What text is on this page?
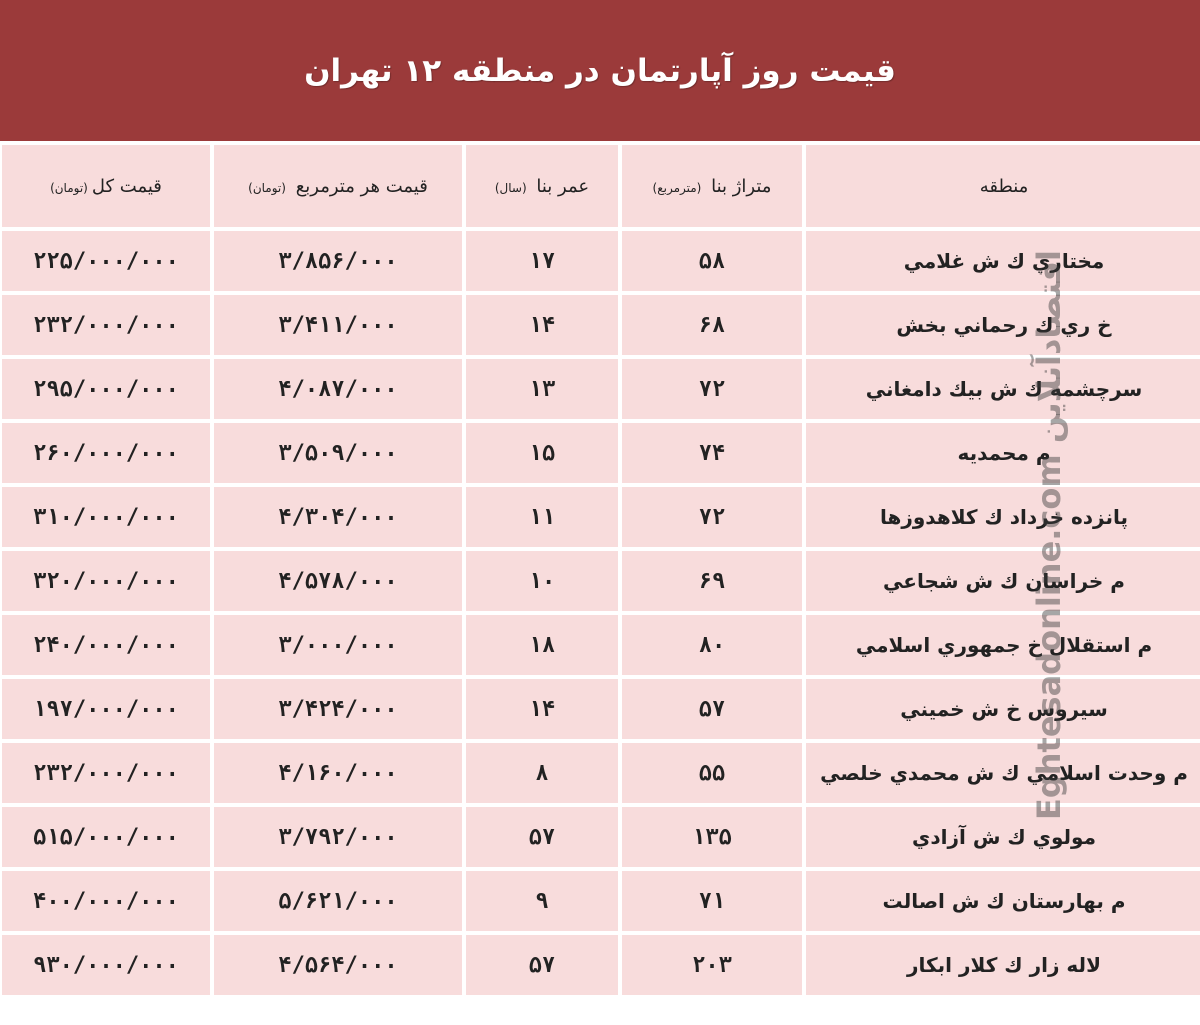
قیمت روز آپارتمان در منطقه ۱۲ تهران
قیمت کل(تومان)	قیمت هر مترمربع (تومان)	عمر بنا (سال)	متراژ بنا (مترمربع)	منطقه
۲۲۵/۰۰۰/۰۰۰	۳/۸۵۶/۰۰۰	۱۷	۵۸	مختاري ك ش غلامي
۲۳۲/۰۰۰/۰۰۰	۳/۴۱۱/۰۰۰	۱۴	۶۸	خ ري ك رحماني بخش
۲۹۵/۰۰۰/۰۰۰	۴/۰۸۷/۰۰۰	۱۳	۷۲	سرچشمه ك ش بيك دامغاني
۲۶۰/۰۰۰/۰۰۰	۳/۵۰۹/۰۰۰	۱۵	۷۴	م محمديه
۳۱۰/۰۰۰/۰۰۰	۴/۳۰۴/۰۰۰	۱۱	۷۲	پانزده خرداد ك كلاهدوزها
۳۲۰/۰۰۰/۰۰۰	۴/۵۷۸/۰۰۰	۱۰	۶۹	م خراسان ك ش شجاعي
۲۴۰/۰۰۰/۰۰۰	۳/۰۰۰/۰۰۰	۱۸	۸۰	م استقلال خ جمهوري اسلامي
۱۹۷/۰۰۰/۰۰۰	۳/۴۲۴/۰۰۰	۱۴	۵۷	سيروس خ ش خميني
۲۳۲/۰۰۰/۰۰۰	۴/۱۶۰/۰۰۰	۸	۵۵	م وحدت اسلامي ك ش محمدي خلصي
۵۱۵/۰۰۰/۰۰۰	۳/۷۹۲/۰۰۰	۵۷	۱۳۵	مولوي ك ش آزادي
۴۰۰/۰۰۰/۰۰۰	۵/۶۲۱/۰۰۰	۹	۷۱	م بهارستان ك ش اصالت
۹۳۰/۰۰۰/۰۰۰	۴/۵۶۴/۰۰۰	۵۷	۲۰۳	لاله زار ك كلار ابكار
Eghtesadonline.com اقتصادآنلاین
